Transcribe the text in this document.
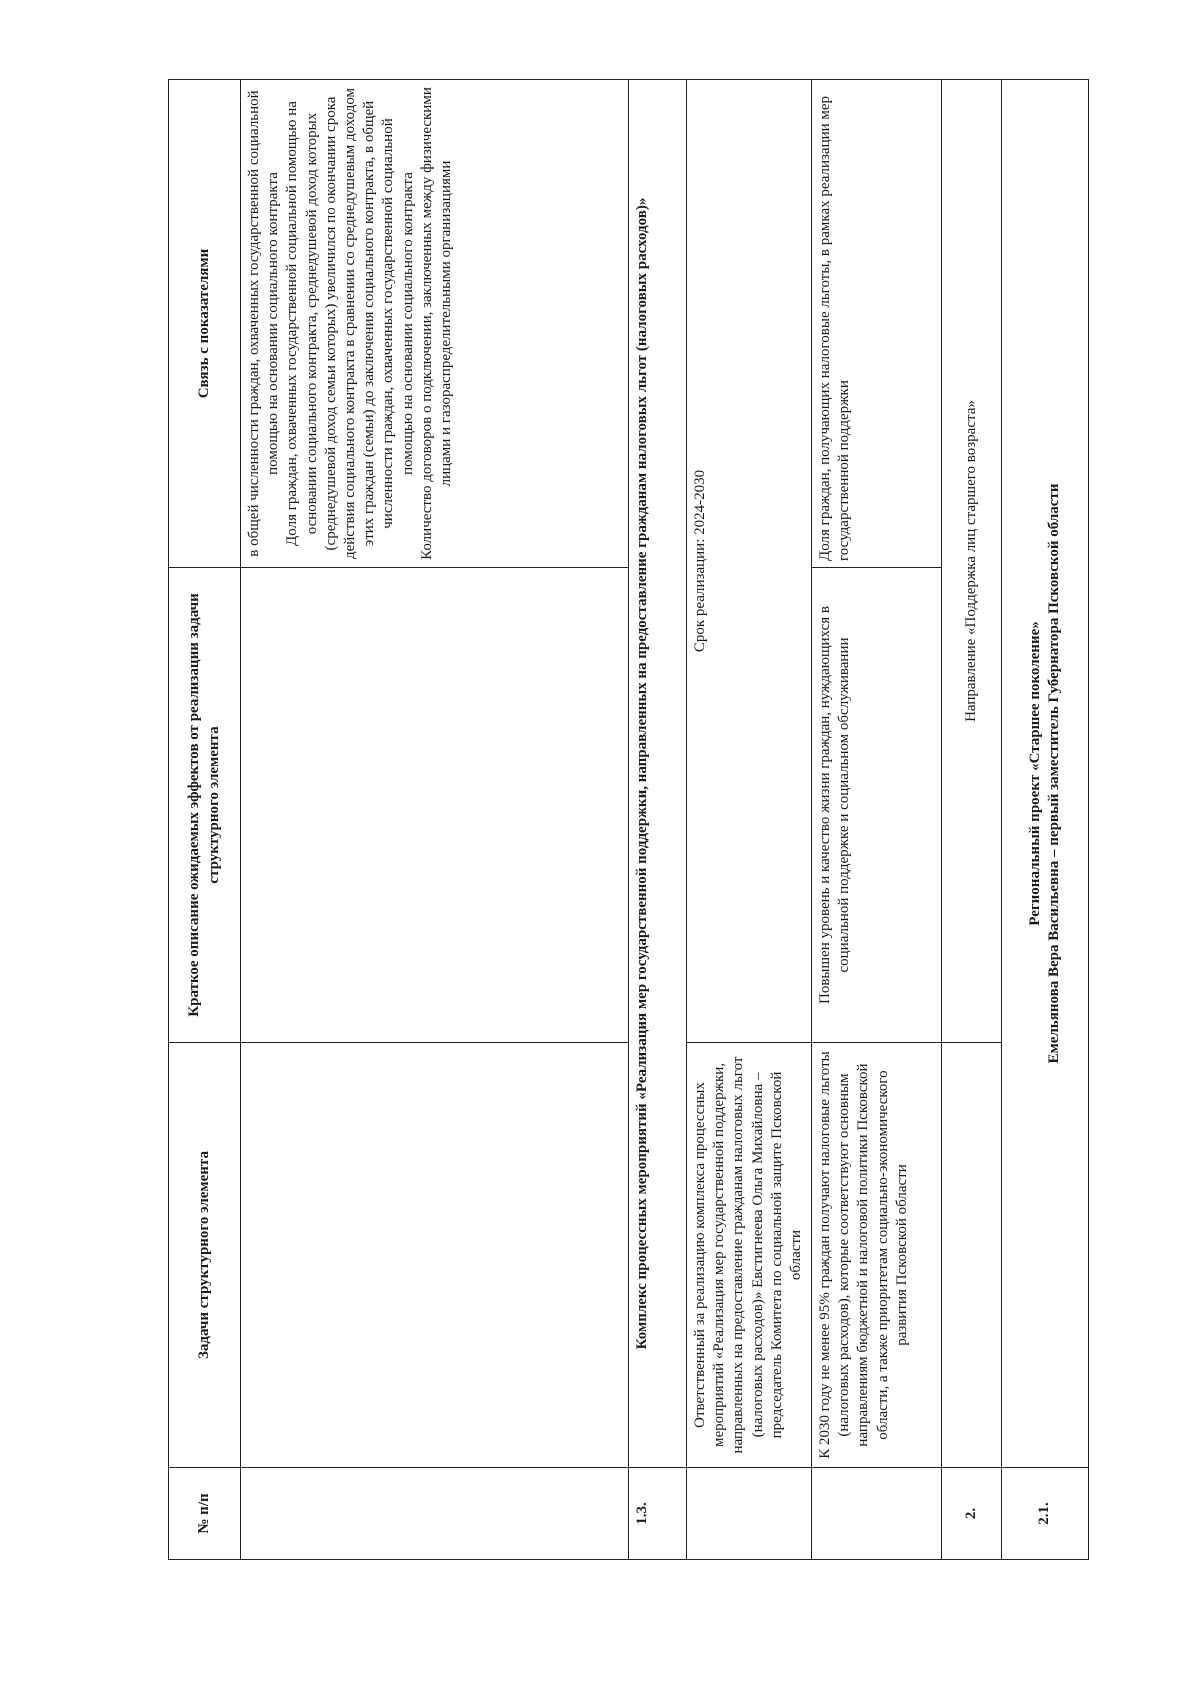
№ п/п	Задачи структурного элемента	Краткое описание ожидаемых эффектов от реализации задачи структурного элемента	Связь с показателями

			в общей численности граждан, охваченных государственной социальной помощью на основании социального контракта Доля граждан, охваченных государственной социальной помощью на основании социального контракта, среднедушевой доход которых (среднедушевой доход семьи которых) увеличился по окончании срока действия социального контракта в сравнении со среднедушевым доходом этих граждан (семьи) до заключения социального контракта, в общей численности граждан, охваченных государственной социальной помощью на основании социального контракта Количество договоров о подключении, заключенных между физическими лицами и газораспределительными организациями

1.3.	Комплекс процессных мероприятий «Реализация мер государственной поддержки, направленных на предоставление гражданам налоговых льгот (налоговых расходов)»		
	Ответственный за реализацию комплекса процессных мероприятий «Реализация мер государственной поддержки, направленных на предоставление гражданам налоговых льгот (налоговых расходов)» Евстигнеева Ольга Михайловна – председатель Комитета по социальной защите Псковской области	Срок реализации: 2024-2030	
	К 2030 году не менее 95% граждан получают налоговые льготы (налоговых расходов), которые соответствуют основным направлениям бюджетной и налоговой политики Псковской области, а также приоритетам социально-экономического развития Псковской области	Повышен уровень и качество жизни граждан, нуждающихся в социальной поддержке и социальном обслуживании	Доля граждан, получающих налоговые льготы, в рамках реализации мер государственной поддержки
2.		Направление «Поддержка лиц старшего возраста»	
2.1.	Региональный проект «Старшее поколение» Емельянова Вера Васильевна – первый заместитель Губернатора Псковской области		
